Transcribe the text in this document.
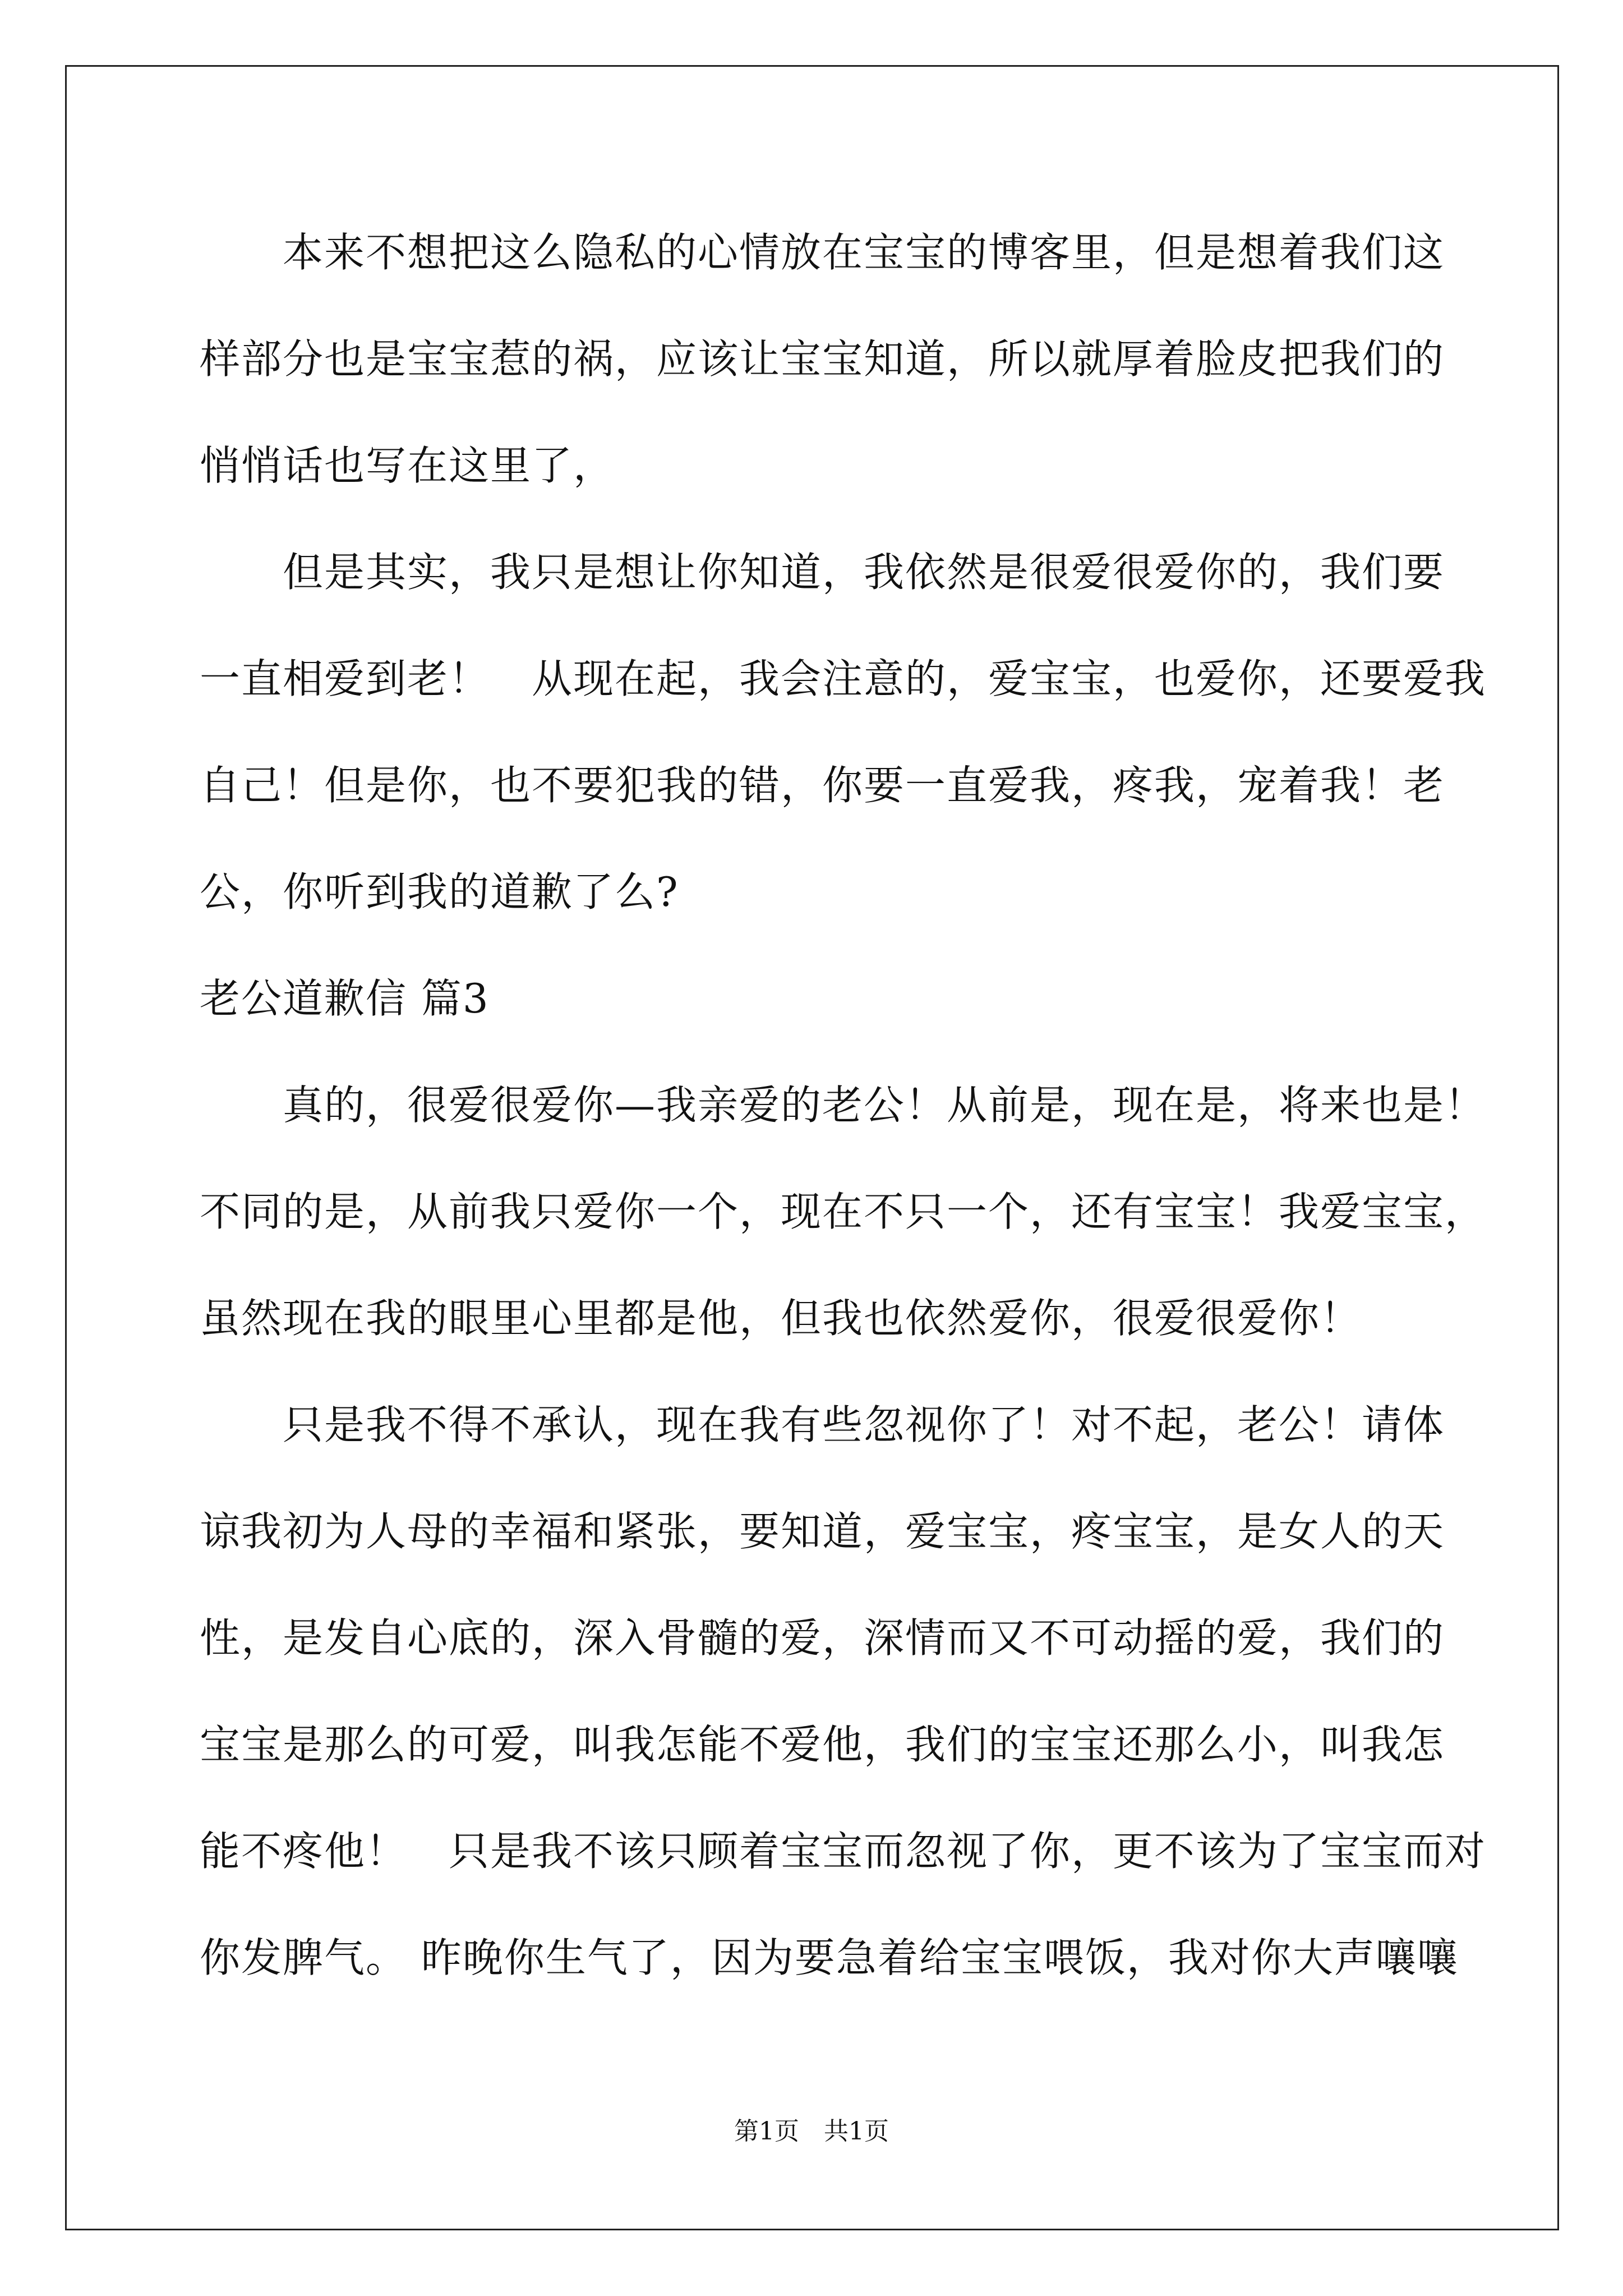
　　本来不想把这么隐私的心情放在宝宝的博客里，但是想着我们这
样部分也是宝宝惹的祸，应该让宝宝知道，所以就厚着脸皮把我们的
悄悄话也写在这里了，
　　但是其实，我只是想让你知道，我依然是很爱很爱你的，我们要
一直相爱到老！　从现在起，我会注意的，爱宝宝，也爱你，还要爱我
自己！但是你，也不要犯我的错，你要一直爱我，疼我，宠着我！老
公，你听到我的道歉了么?
老公道歉信 篇3
　　真的，很爱很爱你—我亲爱的老公！从前是，现在是，将来也是！
不同的是，从前我只爱你一个，现在不只一个，还有宝宝！我爱宝宝，
虽然现在我的眼里心里都是他，但我也依然爱你，很爱很爱你！
　　只是我不得不承认，现在我有些忽视你了！对不起，老公！请体
谅我初为人母的幸福和紧张，要知道，爱宝宝，疼宝宝，是女人的天
性，是发自心底的，深入骨髓的爱，深情而又不可动摇的爱，我们的
宝宝是那么的可爱，叫我怎能不爱他，我们的宝宝还那么小，叫我怎
能不疼他！　只是我不该只顾着宝宝而忽视了你，更不该为了宝宝而对
你发脾气。 昨晚你生气了，因为要急着给宝宝喂饭，我对你大声嚷嚷
第1页　共1页
